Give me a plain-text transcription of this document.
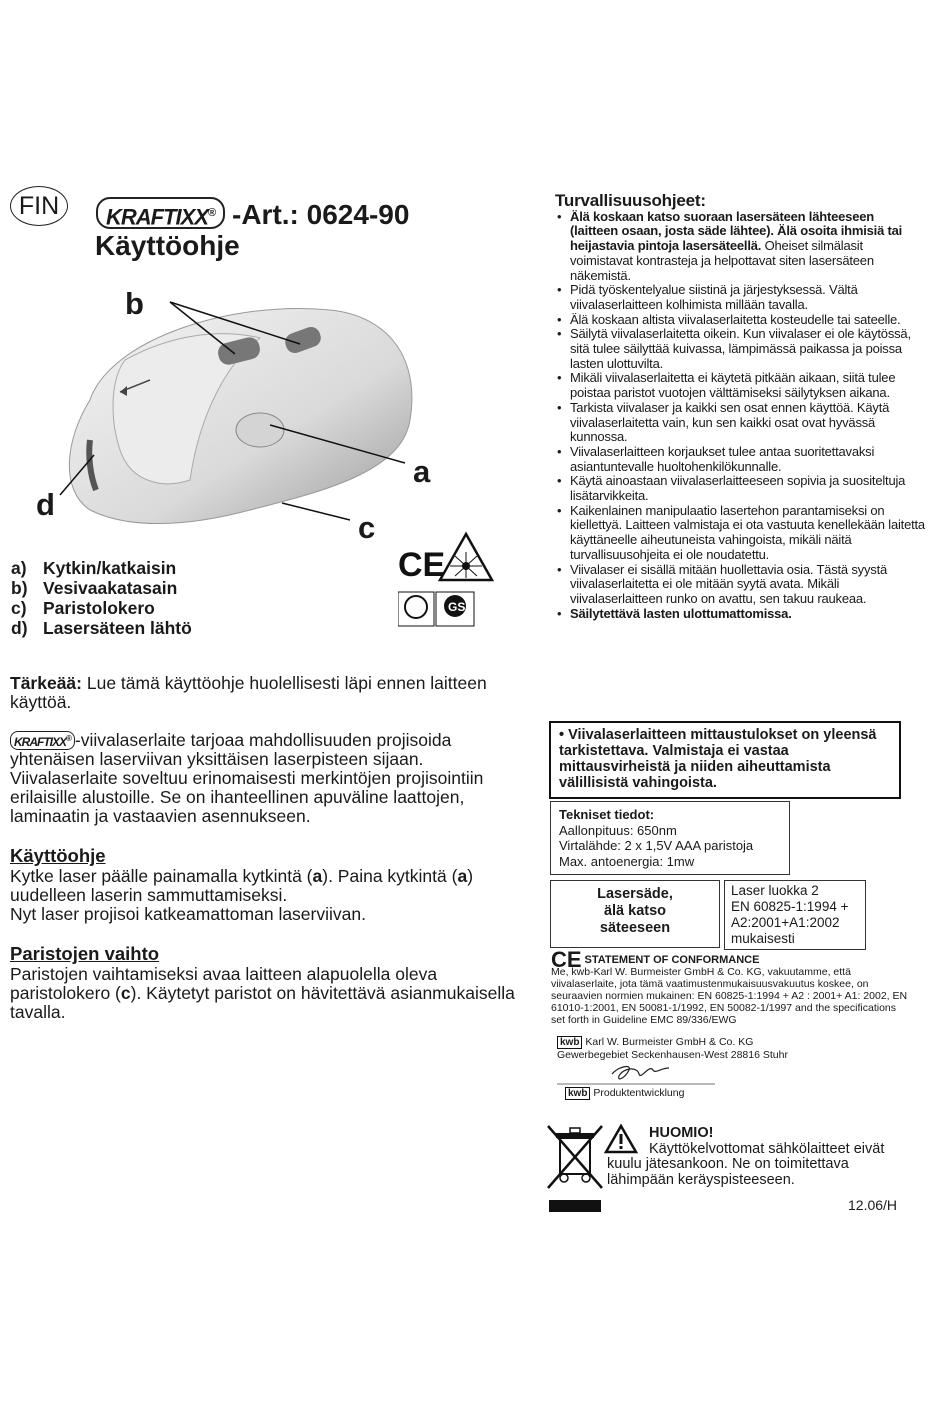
FIN	KRAFTIXX® -Art.: 0624-90
Käyttöohje
b
a
c
d
CE
GS
a) Kytkin/katkaisin
b) Vesivaakatasain
c) Paristolokero
d) Lasersäteen lähtö
Tärkeää: Lue tämä käyttöohje huolellisesti läpi ennen laitteen käyttöä.
KRAFTIXX® -viivalaserlaite tarjoaa mahdollisuuden projisoida yhtenäisen laserviivan yksittäisen laserpisteen sijaan. Viivalaserlaite soveltuu erinomaisesti merkintöjen projisointiin erilaisille alustoille. Se on ihanteellinen apuväline laattojen, laminaatin ja vastaavien asennukseen.
Käyttöohje
Kytke laser päälle painamalla kytkintä (a). Paina kytkintä (a) uudelleen laserin sammuttamiseksi.
Nyt laser projisoi katkeamattoman laserviivan.
Paristojen vaihto
Paristojen vaihtamiseksi avaa laitteen alapuolella oleva paristolokero (c). Käytetyt paristot on hävitettävä asianmukaisella tavalla.
Turvallisuusohjeet:
• Älä koskaan katso suoraan lasersäteen lähteeseen (laitteen osaan, josta säde lähtee). Älä osoita ihmisiä tai heijastavia pintoja lasersäteellä. Oheiset silmälasit voimistavat kontrasteja ja helpottavat siten lasersäteen näkemistä.
• Pidä työskentelyalue siistinä ja järjestyksessä. Vältä viivalaserlaitteen kolhimista millään tavalla.
• Älä koskaan altista viivalaserlaitetta kosteudelle tai sateelle.
• Säilytä viivalaserlaitetta oikein. Kun viivalaser ei ole käytössä, sitä tulee säilyttää kuivassa, lämpimässä paikassa ja poissa lasten ulottuvilta.
• Mikäli viivalaserlaitetta ei käytetä pitkään aikaan, siitä tulee poistaa paristot vuotojen välttämiseksi säilytyksen aikana.
• Tarkista viivalaser ja kaikki sen osat ennen käyttöä. Käytä viivalaserlaitetta vain, kun sen kaikki osat ovat hyvässä kunnossa.
• Viivalaserlaitteen korjaukset tulee antaa suoritettavaksi asiantuntevalle huoltohenkilökunnalle.
• Käytä ainoastaan viivalaserlaitteeseen sopivia ja suositeltuja lisätarvikkeita.
• Kaikenlainen manipulaatio lasertehon parantamiseksi on kiellettyä. Laitteen valmistaja ei ota vastuuta kenellekään laitetta käyttäneelle aiheutuneista vahingoista, mikäli näitä turvallisuusohjeita ei ole noudatettu.
• Viivalaser ei sisällä mitään huollettavia osia. Tästä syystä viivalaserlaitetta ei ole mitään syytä avata. Mikäli viivalaserlaitteen runko on avattu, sen takuu raukeaa.
• Säilytettävä lasten ulottumattomissa.
• Viivalaserlaitteen mittaustulokset on yleensä tarkistettava. Valmistaja ei vastaa mittausvirheistä ja niiden aiheuttamista välillisistä vahingoista.
Tekniset tiedot:
Aallonpituus: 650nm
Virtalähde: 2 x 1,5V AAA paristoja
Max. antoenergia: 1mw
Lasersäde,
älä katso
säteeseen
Laser luokka 2
EN 60825-1:1994 +
A2:2001+A1:2002
mukaisesti
CE STATEMENT OF CONFORMANCE
Me, kwb-Karl W. Burmeister GmbH & Co. KG, vakuutamme, että viivalaserlaite, jota tämä vaatimustenmukaisuusvakuutus koskee, on seuraavien normien mukainen: EN 60825-1:1994 + A2 : 2001+ A1: 2002, EN 61010-1:2001, EN 50081-1/1992, EN 50082-1/1997 and the specifications set forth in Guideline EMC 89/336/EWG
kwb Karl W. Burmeister GmbH & Co. KG
Gewerbegebiet Seckenhausen-West 28816 Stuhr
kwb Produktentwicklung
HUOMIO!
Käyttökelvottomat sähkölaitteet eivät kuulu jätesankoon. Ne on toimitettava lähimpään keräyspisteeseen.
12.06/H
